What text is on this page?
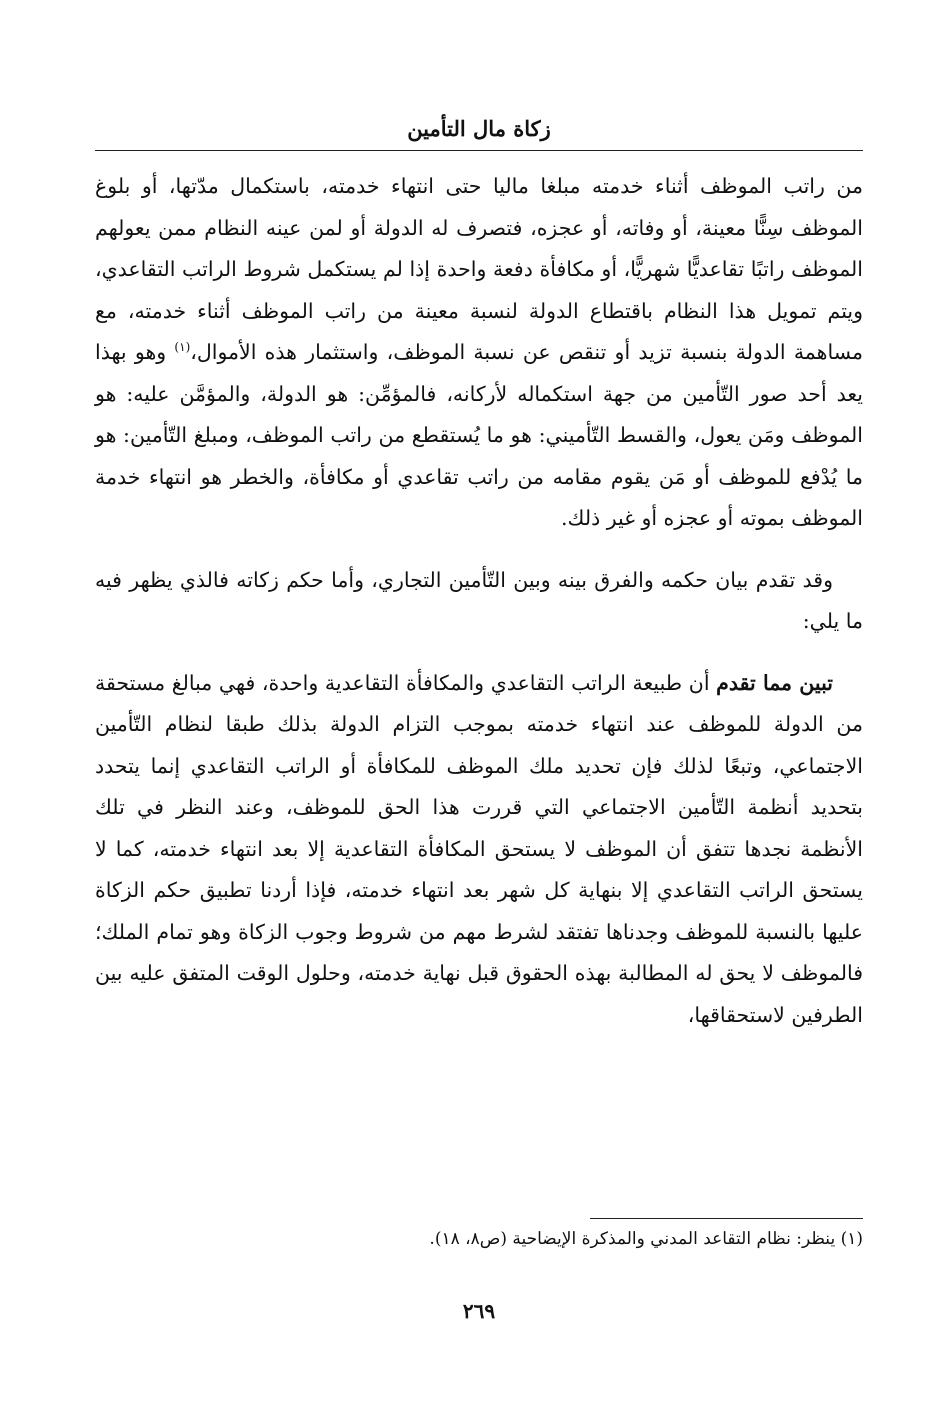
زكاة مال التأمين

من راتب الموظف أثناء خدمته مبلغا ماليا حتى انتهاء خدمته، باستكمال مدّتها، أو بلوغ الموظف سِنًّا معينة، أو وفاته، أو عجزه، فتصرف له الدولة أو لمن عينه النظام ممن يعولهم الموظف راتبًا تقاعديًّا شهريًّا، أو مكافأة دفعة واحدة إذا لم يستكمل شروط الراتب التقاعدي، ويتم تمويل هذا النظام باقتطاع الدولة لنسبة معينة من راتب الموظف أثناء خدمته، مع مساهمة الدولة بنسبة تزيد أو تنقص عن نسبة الموظف، واستثمار هذه الأموال،$^{(١)}$ وهو بهذا يعد أحد صور التّأمين من جهة استكماله لأركانه، فالمؤمِّن: هو الدولة، والمؤمَّن عليه: هو الموظف ومَن يعول، والقسط التّأميني: هو ما يُستقطع من راتب الموظف، ومبلغ التّأمين: هو ما يُدْفع للموظف أو مَن يقوم مقامه من راتب تقاعدي أو مكافأة، والخطر هو انتهاء خدمة الموظف بموته أو عجزه أو غير ذلك.

وقد تقدم بيان حكمه والفرق بينه وبين التّأمين التجاري، وأما حكم زكاته فالذي يظهر فيه ما يلي:

تبين مما تقدم أن طبيعة الراتب التقاعدي والمكافأة التقاعدية واحدة، فهي مبالغ مستحقة من الدولة للموظف عند انتهاء خدمته بموجب التزام الدولة بذلك طبقا لنظام التّأمين الاجتماعي، وتبعًا لذلك فإن تحديد ملك الموظف للمكافأة أو الراتب التقاعدي إنما يتحدد بتحديد أنظمة التّأمين الاجتماعي التي قررت هذا الحق للموظف، وعند النظر في تلك الأنظمة نجدها تتفق أن الموظف لا يستحق المكافأة التقاعدية إلا بعد انتهاء خدمته، كما لا يستحق الراتب التقاعدي إلا بنهاية كل شهر بعد انتهاء خدمته، فإذا أردنا تطبيق حكم الزكاة عليها بالنسبة للموظف وجدناها تفتقد لشرط مهم من شروط وجوب الزكاة وهو تمام الملك؛ فالموظف لا يحق له المطالبة بهذه الحقوق قبل نهاية خدمته، وحلول الوقت المتفق عليه بين الطرفين لاستحقاقها،

(١) ينظر: نظام التقاعد المدني والمذكرة الإيضاحية (ص٨، ١٨).
٢٦٩
